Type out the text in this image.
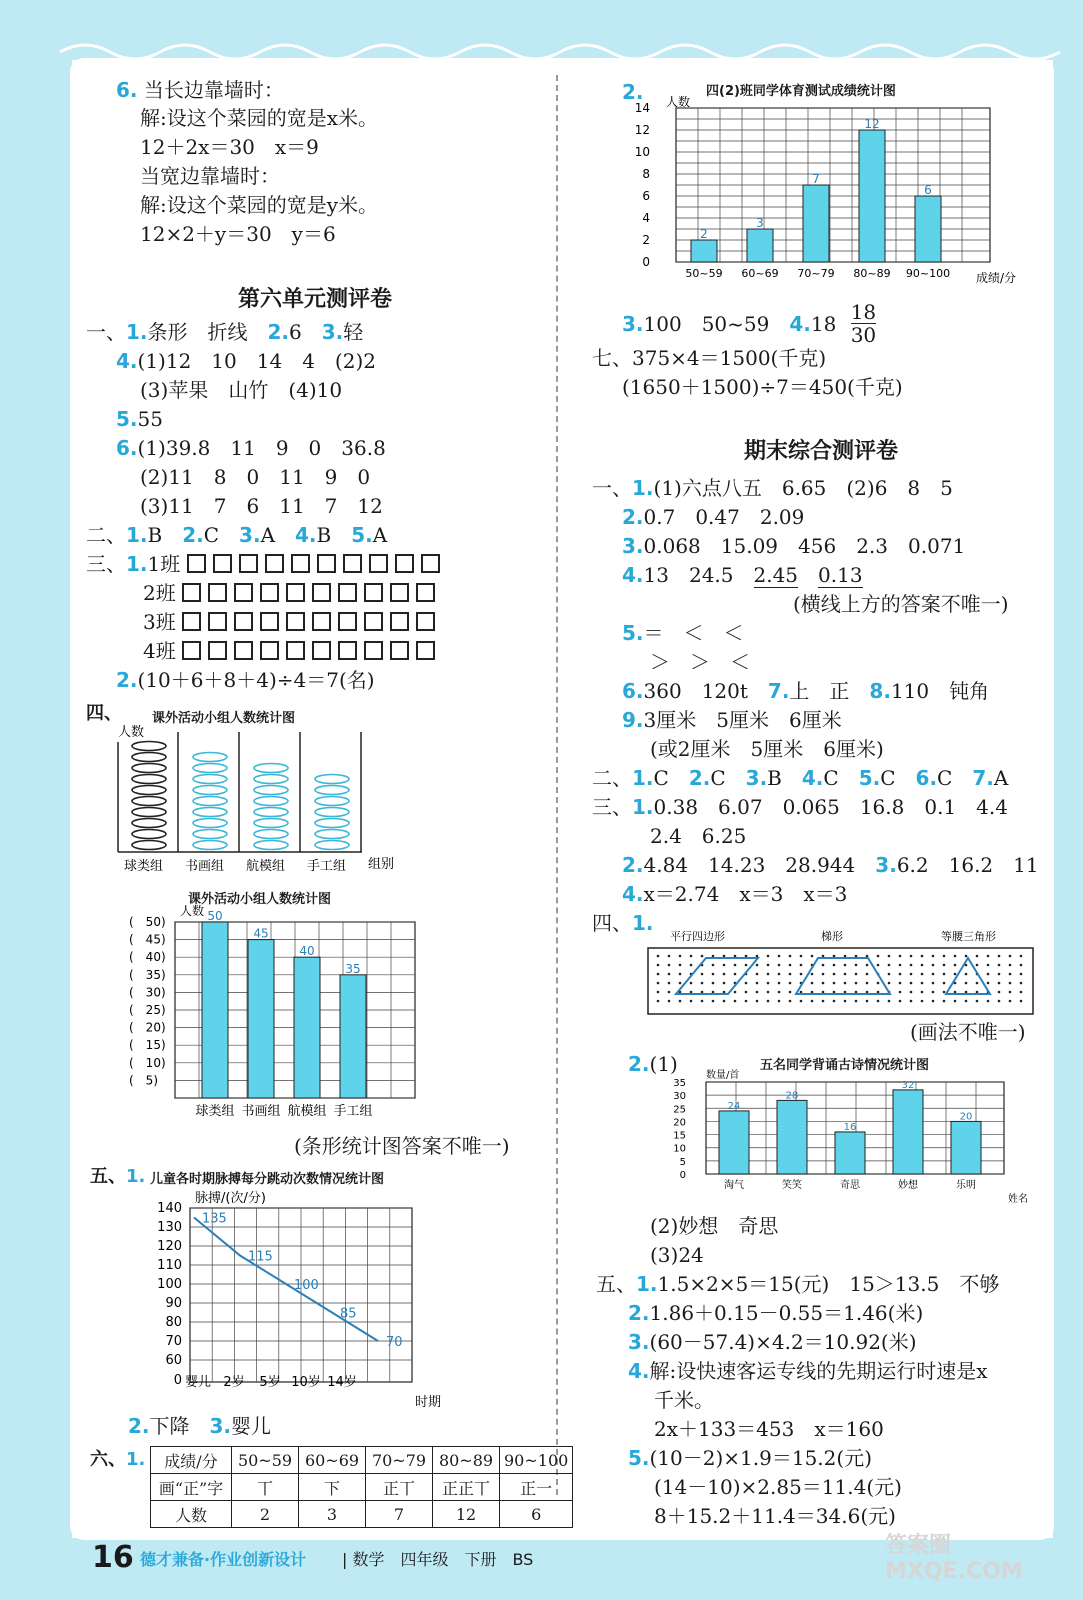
6. 当长边靠墙时：
解:设这个菜园的宽是x米。
12＋2x＝30　x＝9
当宽边靠墙时：
解:设这个菜园的宽是y米。
12×2＋y＝30　y＝6
第六单元测评卷
一、1.条形　折线　 2.6　 3.轻
4.(1)12　10　14　4　(2)2
(3)苹果　山竹　(4)10
5.55
6.(1)39.8　11　9　0　36.8
(2)11　8　0　11　9　0
(3)11　7　6　11　7　12
二、1.B　 2.C　 3.A　 4.B　 5.A
三、1.1班
2班
3班
4班
2.(10＋6＋8＋4)÷4＝7(名)
四、 课外活动小组人数统计图
人数
球类组 书画组 航模组 手工组 组别
课外活动小组人数统计图
人数 50
45
40
35
(　50)
(　45)
(　40)
(　35)
(　30)
(　25)
(　20)
(　15)
(　10)
(　5)
球类组 书画组 航模组 手工组
(条形统计图答案不唯一)
五、1. 儿童各时期脉搏每分跳动次数情况统计图
脉搏/(次/分)
140
130
120
110
100
90
80
70
60
0 婴儿 2岁 5岁 10岁 14岁
135
115
100
85
70
时期
2.下降　 3.婴儿
六、1. 成绩/分	50~59	60~69	70~79	80~89	90~100
画“正”字	丅	下	正丅	正正丅	正一
人数	2	3	7	12	6
2.	四(2)班同学体育测试成绩统计图
人数
2
3
7
12
6
14
12
10
8
6
4
2
0
50~59 60~69 70~79 80~89 90~100 成绩/分
3.100　50~59　 $4.18 \frac{18}{30}$
七、375×4＝1500(千克)
(1650＋1500)÷7＝450(千克)
期末综合测评卷
一、1.(1)六点八五　6.65　(2)6　8　5
2.0.7　0.47　2.09
3.0.068　15.09　456　2.3　0.071
4.13　24.5　 2.45　 0.13
(横线上方的答案不唯一)
5.＝　＜　＜
＞　＞　＜
6.360　120t　 7.上　正　 8.110　钝角
9.3厘米　5厘米　6厘米
(或2厘米　5厘米　6厘米)
二、1.C　 2.C　 3.B　 4.C　 5.C　 6.C　 7.A
三、1.0.38　6.07　0.065　16.8　0.1　4.4
2.4　6.25
2.4.84　14.23　28.944　 3.6.2　16.2　11
4.x＝2.74　x＝3　x＝3
四、1.
平行四边形	梯形	等腰三角形
(画法不唯一)
2.(1)	五名同学背诵古诗情况统计图
数量/首
24
28
16
32
20
35
30
25
20
15
10
5
0
淘气	笑笑	奇思	妙想	乐明
姓名
(2)妙想　奇思
(3)24
五、1.1.5×2×5＝15(元)　15＞13.5　不够
2.1.86＋0.15－0.55＝1.46(米)
3.(60－57.4)×4.2＝10.92(米)
4.解:设快速客运专线的先期运行时速是x
千米。
2x＋133＝453　x＝160
5.(10－2)×1.9＝15.2(元)
(14－10)×2.85＝11.4(元)
8＋15.2＋11.4＝34.6(元)
16 德才兼备·作业创新设计 | 数学　四年级　下册　BS
答案圈 MXQE.COM
